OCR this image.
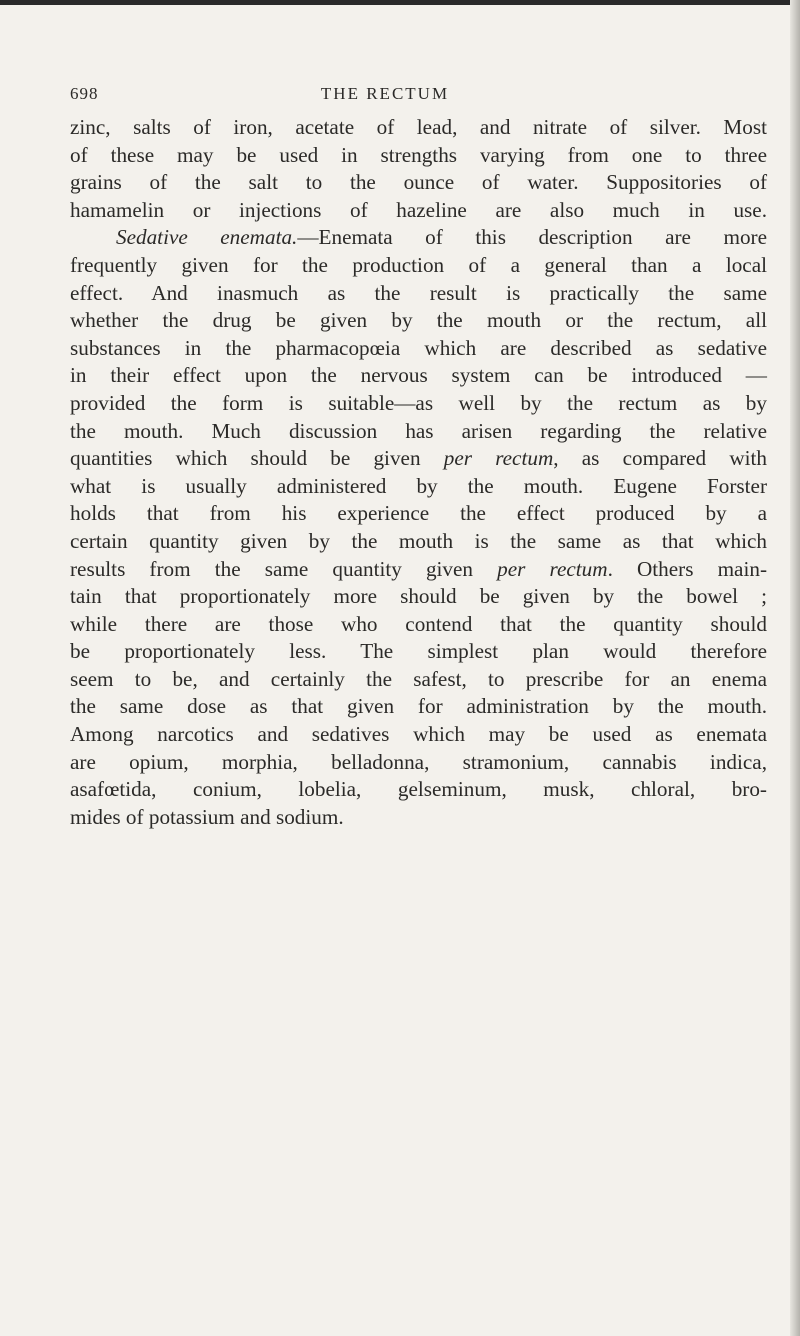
698	THE RECTUM
zinc, salts of iron, acetate of lead, and nitrate of silver. Most
of these may be used in strengths varying from one to three
grains of the salt to the ounce of water. Suppositories of
hamamelin or injections of hazeline are also much in use.
Sedative enemata.—Enemata of this description are more
frequently given for the production of a general than a local
effect. And inasmuch as the result is practically the same
whether the drug be given by the mouth or the rectum, all
substances in the pharmacopœia which are described as sedative
in their effect upon the nervous system can be introduced —
provided the form is suitable—as well by the rectum as by
the mouth. Much discussion has arisen regarding the relative
quantities which should be given per rectum, as compared with
what is usually administered by the mouth. Eugene Forster
holds that from his experience the effect produced by a
certain quantity given by the mouth is the same as that which
results from the same quantity given per rectum. Others main-
tain that proportionately more should be given by the bowel ;
while there are those who contend that the quantity should
be proportionately less. The simplest plan would therefore
seem to be, and certainly the safest, to prescribe for an enema
the same dose as that given for administration by the mouth.
Among narcotics and sedatives which may be used as enemata
are opium, morphia, belladonna, stramonium, cannabis indica,
asafœtida, conium, lobelia, gelseminum, musk, chloral, bro-
mides of potassium and sodium.
